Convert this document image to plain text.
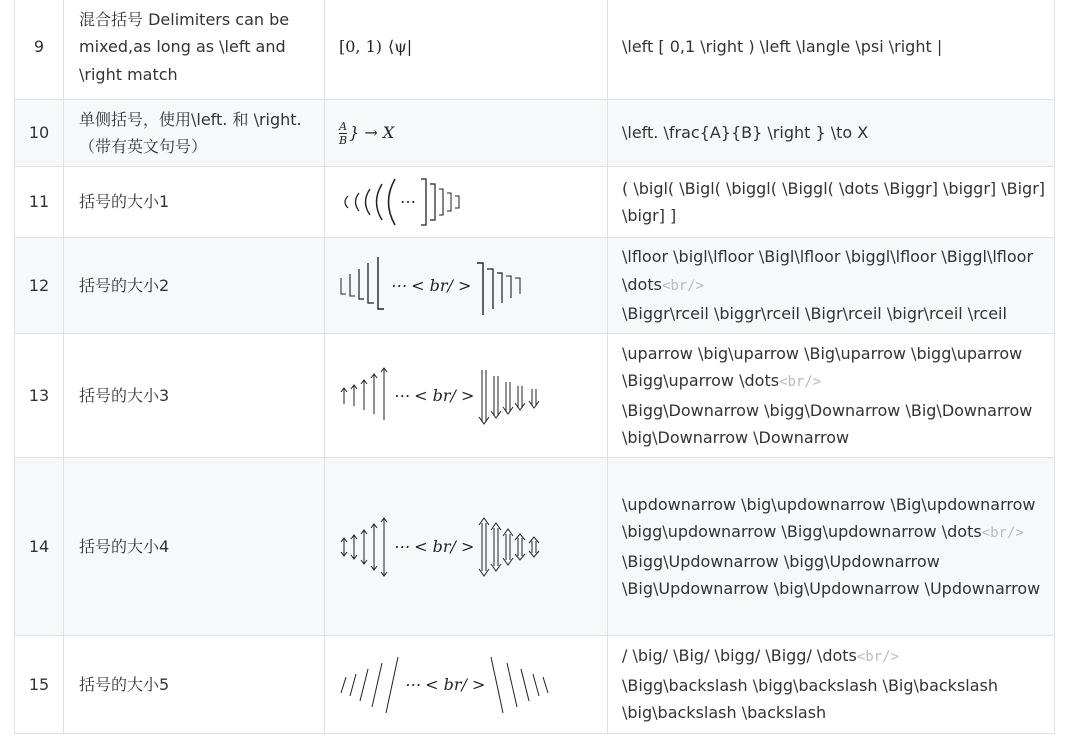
9	混合括号 Delimiters can be mixed,as long as \left and \right match	[0, 1) ⟨ψ|	\left [ 0,1 \right ) \left \langle \psi \right |
10	单侧括号，使用\left. 和 \right.（带有英文句号）	$\frac{A}{B}$ } → X	\left. \frac{A}{B} \right } \to X
11	括号的大小1	⋯	( \bigl( \Bigl( \biggl( \Biggl( \dots \Biggr] \biggr] \Bigr] \bigr] ]
12	括号的大小2	⋯ < br/ >	\lfloor \bigl\lfloor \Bigl\lfloor \biggl\lfloor \Biggl\lfloor \dots<br/>
\Biggr\rceil \biggr\rceil \Bigr\rceil \bigr\rceil \rceil
13	括号的大小3	⋯ < br/ >	\uparrow \big\uparrow \Big\uparrow \bigg\uparrow \Bigg\uparrow \dots<br/>
\Bigg\Downarrow \bigg\Downarrow \Big\Downarrow \big\Downarrow \Downarrow
14	括号的大小4	⋯ < br/ >	\updownarrow \big\updownarrow \Big\updownarrow \bigg\updownarrow \Bigg\updownarrow \dots<br/>
\Bigg\Updownarrow \bigg\Updownarrow \Big\Updownarrow \big\Updownarrow \Updownarrow
15	括号的大小5	⋯ < br/ >	/ \big/ \Big/ \bigg/ \Bigg/ \dots<br/>
\Bigg\backslash \bigg\backslash \Big\backslash \big\backslash \backslash
